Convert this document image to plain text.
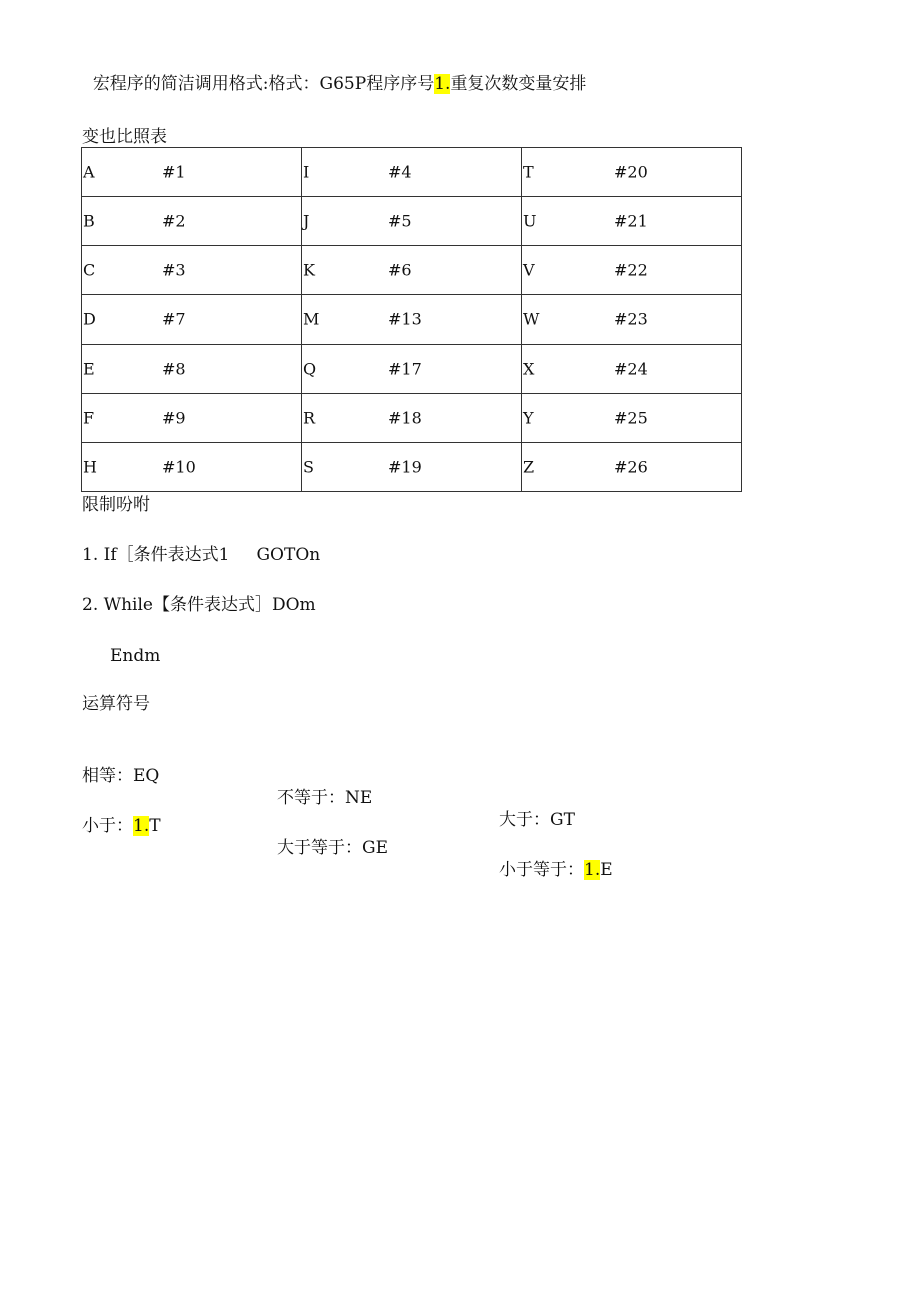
宏程序的简洁调用格式:格式：G65P程序序号1.重复次数变量安排

变也比照表
A #1	I #4	T #20

B #2	J #5	U #21

C #3	K #6	V #22

D #7	M #13	W #23

E #8	Q #17	X #24

F #9	R #18	Y #25

H #10	S #19	Z #26
限制吩咐
1. If［条件表达式1     GOTOn
2. While【条件表达式］DOm
Endm
运算符号

相等：EQ

不等于：NE

大于：GT

小于：1.T

大于等于：GE

小于等于：1.E
